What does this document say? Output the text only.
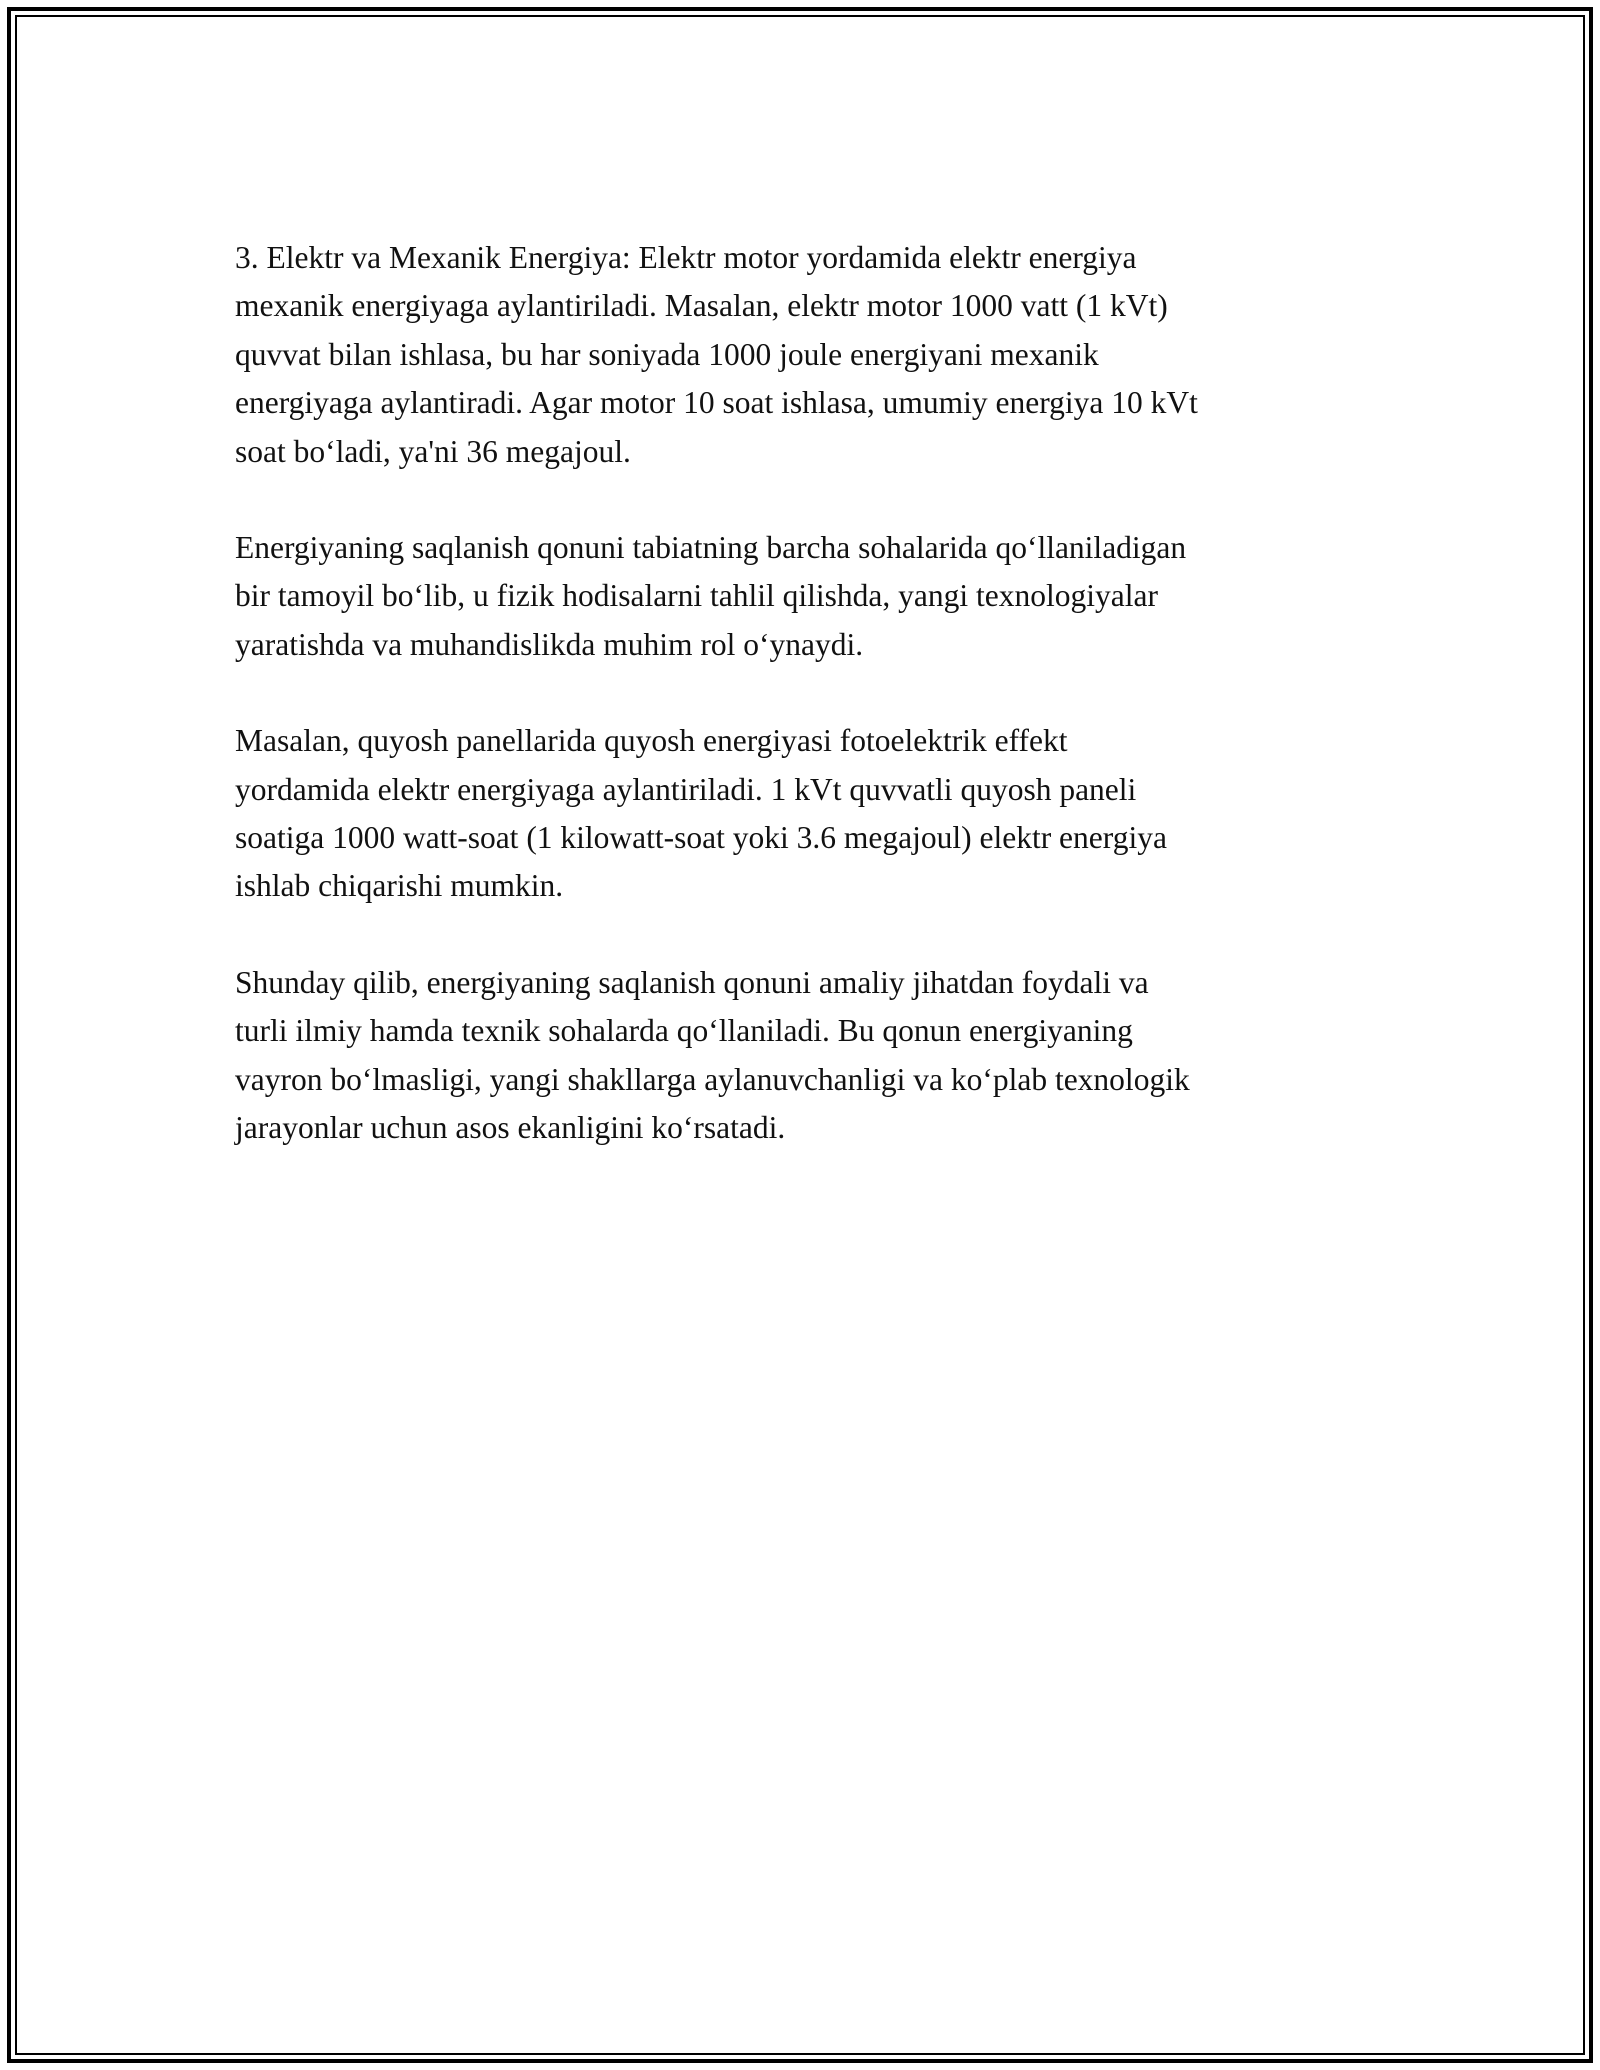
3. Elektr va Mexanik Energiya: Elektr motor yordamida elektr energiya
mexanik energiyaga aylantiriladi. Masalan, elektr motor 1000 vatt (1 kVt)
quvvat bilan ishlasa, bu har soniyada 1000 joule energiyani mexanik
energiyaga aylantiradi. Agar motor 10 soat ishlasa, umumiy energiya 10 kVt
soat boʻladi, ya'ni 36 megajoul.

Energiyaning saqlanish qonuni tabiatning barcha sohalarida qoʻllaniladigan
bir tamoyil boʻlib, u fizik hodisalarni tahlil qilishda, yangi texnologiyalar
yaratishda va muhandislikda muhim rol oʻynaydi.

Masalan, quyosh panellarida quyosh energiyasi fotoelektrik effekt
yordamida elektr energiyaga aylantiriladi. 1 kVt quvvatli quyosh paneli
soatiga 1000 watt-soat (1 kilowatt-soat yoki 3.6 megajoul) elektr energiya
ishlab chiqarishi mumkin.

Shunday qilib, energiyaning saqlanish qonuni amaliy jihatdan foydali va
turli ilmiy hamda texnik sohalarda qoʻllaniladi. Bu qonun energiyaning
vayron boʻlmasligi, yangi shakllarga aylanuvchanligi va koʻplab texnologik
jarayonlar uchun asos ekanligini koʻrsatadi.
